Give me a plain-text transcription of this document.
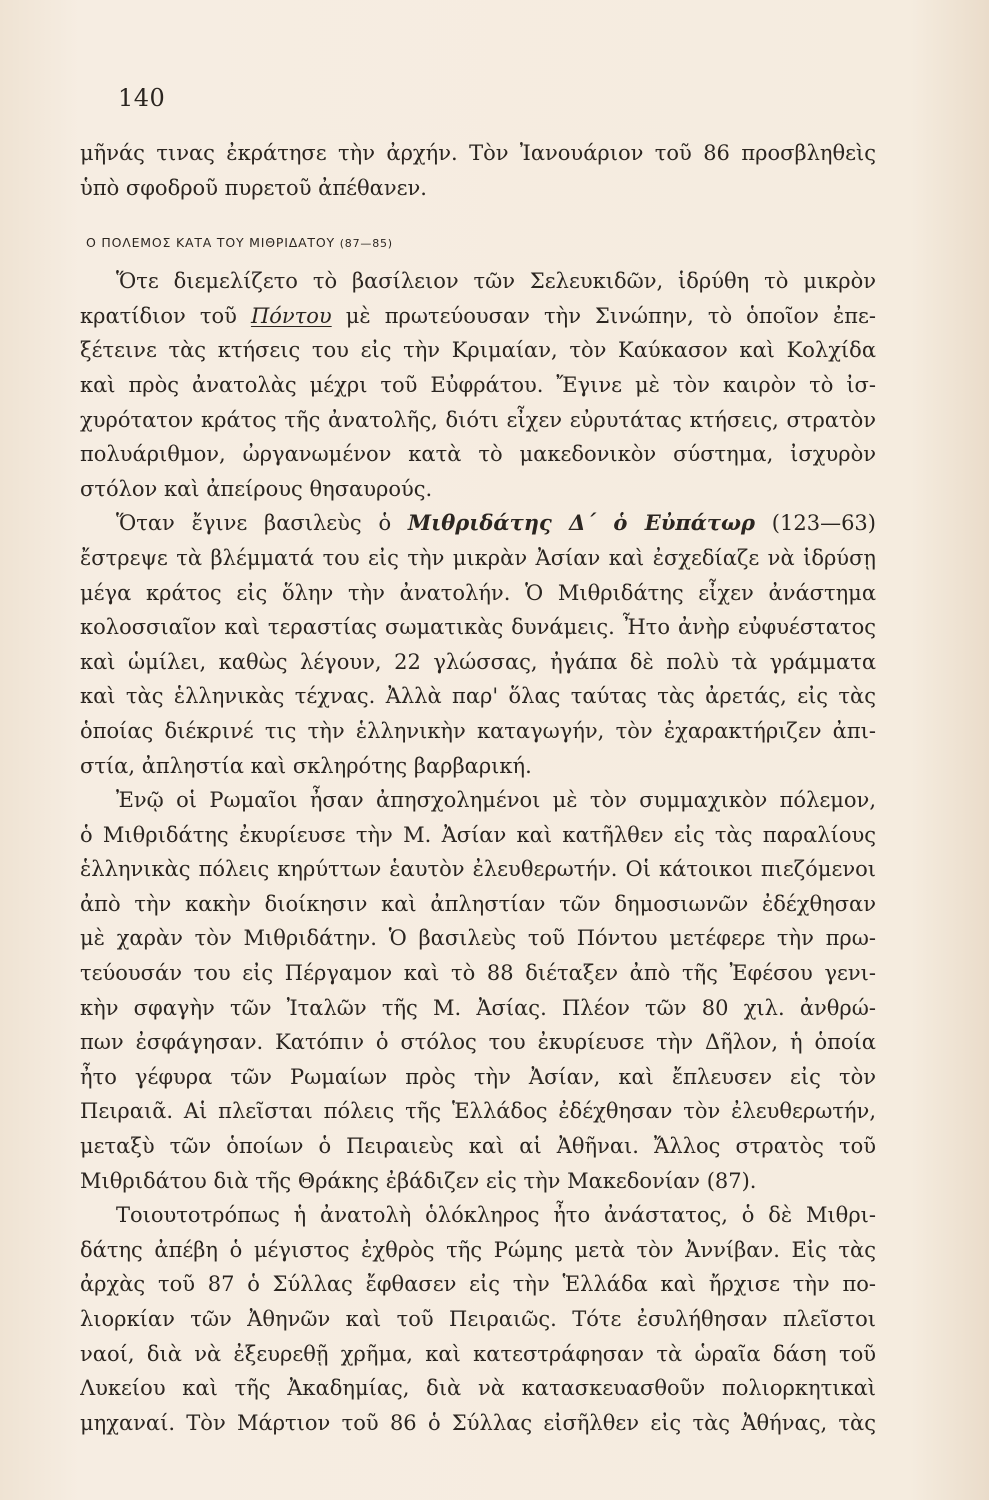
140
μῆνάς τινας ἐκράτησε τὴν ἀρχήν. Τὸν Ἰανουάριον τοῦ 86 προσβληθεὶς
ὑπὸ σφοδροῦ πυρετοῦ ἀπέθανεν.
Ο ΠΟΛΕΜΟΣ ΚΑΤΑ ΤΟΥ ΜΙΘΡΙΔΑΤΟΥ (87—85)
Ὅτε διεμελίζετο τὸ βασίλειον τῶν Σελευκιδῶν, ἱδρύθη τὸ μικρὸν
κρατίδιον τοῦ Πόντου μὲ πρωτεύουσαν τὴν Σινώπην, τὸ ὁποῖον ἐπε-
ξέτεινε τὰς κτήσεις του εἰς τὴν Κριμαίαν, τὸν Καύκασον καὶ Κολχίδα
καὶ πρὸς ἀνατολὰς μέχρι τοῦ Εὐφράτου. Ἔγινε μὲ τὸν καιρὸν τὸ ἰσ-
χυρότατον κράτος τῆς ἀνατολῆς, διότι εἶχεν εὐρυτάτας κτήσεις, στρατὸν
πολυάριθμον, ὠργανωμένον κατὰ τὸ μακεδονικὸν σύστημα, ἰσχυρὸν
στόλον καὶ ἀπείρους θησαυρούς.
Ὅταν ἔγινε βασιλεὺς ὁ Μιθριδάτης Δ΄ ὁ Εὐπάτωρ (123—63)
ἔστρεψε τὰ βλέμματά του εἰς τὴν μικρὰν Ἀσίαν καὶ ἐσχεδίαζε νὰ ἱδρύσῃ
μέγα κράτος εἰς ὅλην τὴν ἀνατολήν. Ὁ Μιθριδάτης εἶχεν ἀνάστημα
κολοσσιαῖον καὶ τεραστίας σωματικὰς δυνάμεις. Ἦτο ἀνὴρ εὐφυέστατος
καὶ ὡμίλει, καθὼς λέγουν, 22 γλώσσας, ἠγάπα δὲ πολὺ τὰ γράμματα
καὶ τὰς ἑλληνικὰς τέχνας. Ἀλλὰ παρ' ὅλας ταύτας τὰς ἀρετάς, εἰς τὰς
ὁποίας διέκρινέ τις τὴν ἑλληνικὴν καταγωγήν, τὸν ἐχαρακτήριζεν ἀπι-
στία, ἀπληστία καὶ σκληρότης βαρβαρική.
Ἐνῷ οἱ Ρωμαῖοι ἦσαν ἀπησχολημένοι μὲ τὸν συμμαχικὸν πόλεμον,
ὁ Μιθριδάτης ἐκυρίευσε τὴν Μ. Ἀσίαν καὶ κατῆλθεν εἰς τὰς παραλίους
ἑλληνικὰς πόλεις κηρύττων ἑαυτὸν ἐλευθερωτήν. Οἱ κάτοικοι πιεζόμενοι
ἀπὸ τὴν κακὴν διοίκησιν καὶ ἀπληστίαν τῶν δημοσιωνῶν ἐδέχθησαν
μὲ χαρὰν τὸν Μιθριδάτην. Ὁ βασιλεὺς τοῦ Πόντου μετέφερε τὴν πρω-
τεύουσάν του εἰς Πέργαμον καὶ τὸ 88 διέταξεν ἀπὸ τῆς Ἐφέσου γενι-
κὴν σφαγὴν τῶν Ἰταλῶν τῆς Μ. Ἀσίας. Πλέον τῶν 80 χιλ. ἀνθρώ-
πων ἐσφάγησαν. Κατόπιν ὁ στόλος του ἐκυρίευσε τὴν Δῆλον, ἡ ὁποία
ἦτο γέφυρα τῶν Ρωμαίων πρὸς τὴν Ἀσίαν, καὶ ἔπλευσεν εἰς τὸν
Πειραιᾶ. Αἱ πλεῖσται πόλεις τῆς Ἑλλάδος ἐδέχθησαν τὸν ἐλευθερωτήν,
μεταξὺ τῶν ὁποίων ὁ Πειραιεὺς καὶ αἱ Ἀθῆναι. Ἄλλος στρατὸς τοῦ
Μιθριδάτου διὰ τῆς Θράκης ἐβάδιζεν εἰς τὴν Μακεδονίαν (87).
Τοιουτοτρόπως ἡ ἀνατολὴ ὁλόκληρος ἦτο ἀνάστατος, ὁ δὲ Μιθρι-
δάτης ἀπέβη ὁ μέγιστος ἐχθρὸς τῆς Ρώμης μετὰ τὸν Ἀννίβαν. Εἰς τὰς
ἀρχὰς τοῦ 87 ὁ Σύλλας ἔφθασεν εἰς τὴν Ἑλλάδα καὶ ἤρχισε τὴν πο-
λιορκίαν τῶν Ἀθηνῶν καὶ τοῦ Πειραιῶς. Τότε ἐσυλήθησαν πλεῖστοι
ναοί, διὰ νὰ ἐξευρεθῇ χρῆμα, καὶ κατεστράφησαν τὰ ὡραῖα δάση τοῦ
Λυκείου καὶ τῆς Ἀκαδημίας, διὰ νὰ κατασκευασθοῦν πολιορκητικαὶ
μηχαναί. Τὸν Μάρτιον τοῦ 86 ὁ Σύλλας εἰσῆλθεν εἰς τὰς Ἀθήνας, τὰς
